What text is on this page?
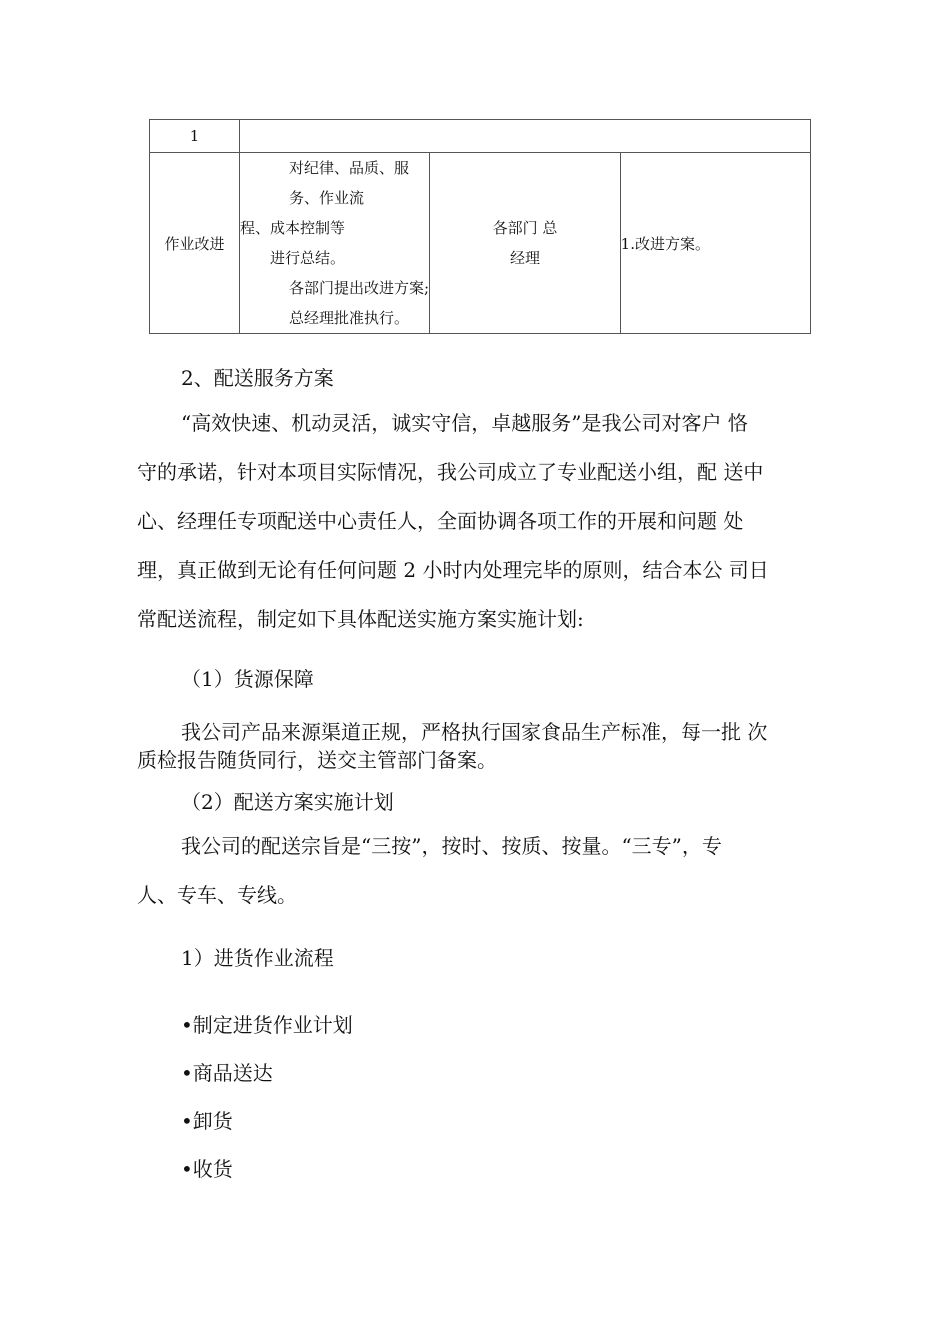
1			
作业改进	对纪律、品质、服务、作业流
程、成本控制等
进行总结。
各部门提出改进方案;
总经理批准执行。	各部门 总
经理	1.改进方案。

2、配送服务方案

“高效快速、机动灵活，诚实守信，卓越服务”是我公司对客户 恪
守的承诺，针对本项目实际情况，我公司成立了专业配送小组，配 送中
心、经理任专项配送中心责任人，全面协调各项工作的开展和问题 处
理，真正做到无论有任何问题 2 小时内处理完毕的原则，结合本公 司日
常配送流程，制定如下具体配送实施方案实施计划:

（1）货源保障

我公司产品来源渠道正规，严格执行国家食品生产标准，每一批 次
质检报告随货同行，送交主管部门备案。

（2）配送方案实施计划

我公司的配送宗旨是“三按”，按时、按质、按量。“三专”，专
人、专车、专线。

1）进货作业流程

•制定进货作业计划

•商品送达

•卸货

•收货
